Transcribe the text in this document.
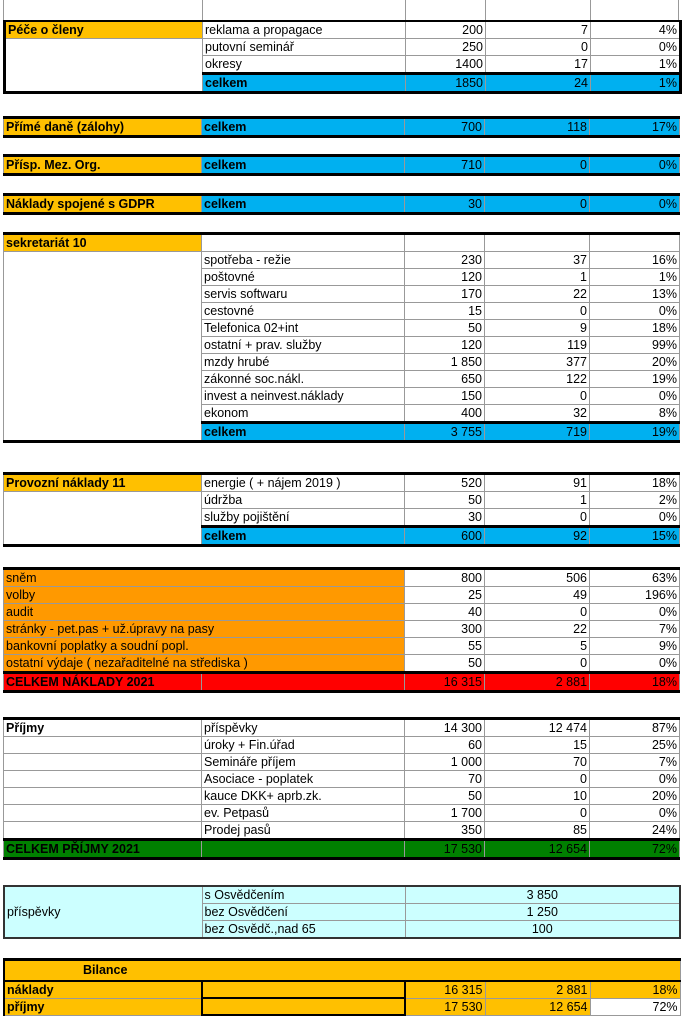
Péče o členy	reklama a propagace	200	7	4%
	putovní seminář	250	0	0%
	okresy	1400	17	1%
	celkem	1850	24	1%
Přímé daně (zálohy)	celkem	700	118	17%
Přísp. Mez. Org.	celkem	710	0	0%
Náklady spojené s GDPR	celkem	30	0	0%
sekretariát 10				
	spotřeba - režie	230	37	16%
	poštovné	120	1	1%
	servis softwaru	170	22	13%
	cestovné	15	0	0%
	Telefonica 02+int	50	9	18%
	ostatní + prav. služby	120	119	99%
	mzdy hrubé	1 850	377	20%
	zákonné soc.nákl.	650	122	19%
	invest a neinvest.náklady	150	0	0%
	ekonom	400	32	8%
	celkem	3 755	719	19%
Provozní náklady 11	energie ( + nájem 2019 )	520	91	18%
	údržba	50	1	2%
	služby pojištění	30	0	0%
	celkem	600	92	15%
sněm		800	506	63%
volby		25	49	196%
audit		40	0	0%
stránky - pet.pas + už.úpravy na pasy		300	22	7%
bankovní poplatky a soudní popl.		55	5	9%
ostatní výdaje ( nezařaditelné na střediska )		50	0	0%
CELKEM NÁKLADY 2021		16 315	2 881	18%
Příjmy	příspěvky	14 300	12 474	87%
	úroky + Fin.úřad	60	15	25%
	Semináře příjem	1 000	70	7%
	Asociace - poplatek	70	0	0%
	kauce DKK+ aprb.zk.	50	10	20%
	ev. Petpasů	1 700	0	0%
	Prodej pasů	350	85	24%
CELKEM PŘÍJMY 2021		17 530	12 654	72%
	s Osvědčením	3 850
příspěvky	bez Osvědčení	1 250
	bez Osvědč.,nad 65	100
Bilance				
náklady		16 315	2 881	18%
příjmy		17 530	12 654	72%
